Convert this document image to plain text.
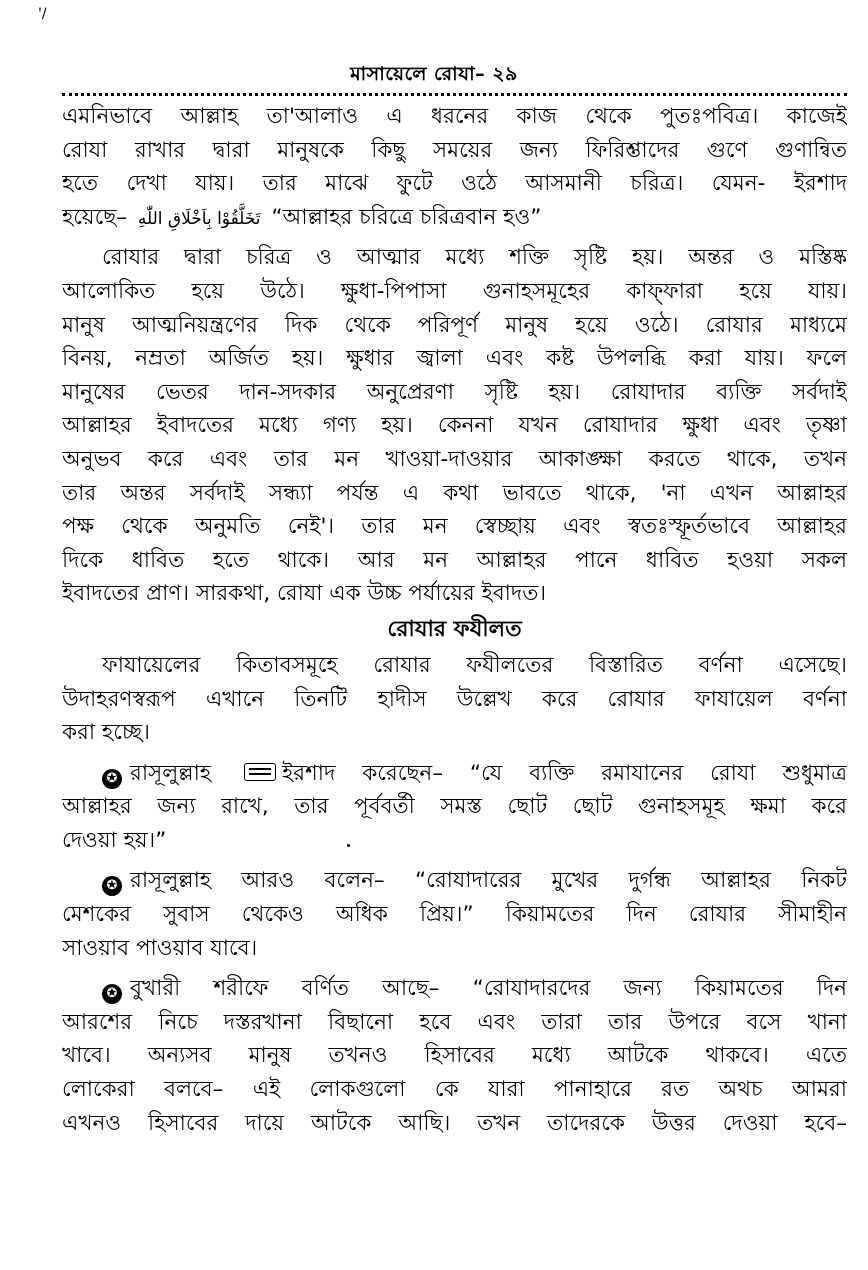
'/
মাসায়েলে রোযা– ২৯
এমনিভাবে আল্লাহ তা'আলাও এ ধরনের কাজ থেকে পুতঃপবিত্র। কাজেই
রোযা রাখার দ্বারা মানুষকে কিছু সময়ের জন্য ফিরিশ্তাদের গুণে গুণান্বিত
হতে দেখা যায়। তার মাঝে ফুটে ওঠে আসমানী চরিত্র। যেমন- ইরশাদ
হয়েছে– تَخَلَّقُوْا بِاَخْلَاقِ اللّٰهِ “আল্লাহর চরিত্রে চরিত্রবান হও”
রোযার দ্বারা চরিত্র ও আত্মার মধ্যে শক্তি সৃষ্টি হয়। অন্তর ও মস্তিষ্ক
আলোকিত হয়ে উঠে। ক্ষুধা-পিপাসা গুনাহসমূহের কাফ্ফারা হয়ে যায়।
মানুষ আত্মনিয়ন্ত্রণের দিক থেকে পরিপূর্ণ মানুষ হয়ে ওঠে। রোযার মাধ্যমে
বিনয়, নম্রতা অর্জিত হয়। ক্ষুধার জ্বালা এবং কষ্ট উপলব্ধি করা যায়। ফলে
মানুষের ভেতর দান-সদকার অনুপ্রেরণা সৃষ্টি হয়। রোযাদার ব্যক্তি সর্বদাই
আল্লাহর ইবাদতের মধ্যে গণ্য হয়। কেননা যখন রোযাদার ক্ষুধা এবং তৃষ্ণা
অনুভব করে এবং তার মন খাওয়া-দাওয়ার আকাঙ্ক্ষা করতে থাকে, তখন
তার অন্তর সর্বদাই সন্ধ্যা পর্যন্ত এ কথা ভাবতে থাকে, 'না এখন আল্লাহর
পক্ষ থেকে অনুমতি নেই'। তার মন স্বেচ্ছায় এবং স্বতঃস্ফূর্তভাবে আল্লাহর
দিকে ধাবিত হতে থাকে। আর মন আল্লাহর পানে ধাবিত হওয়া সকল
ইবাদতের প্রাণ। সারকথা, রোযা এক উচ্চ পর্যায়ের ইবাদত।
রোযার ফযীলত
ফাযায়েলের কিতাবসমূহে রোযার ফযীলতের বিস্তারিত বর্ণনা এসেছে।
উদাহরণস্বরূপ এখানে তিনটি হাদীস উল্লেখ করে রোযার ফাযায়েল বর্ণনা
করা হচ্ছে।
✪ রাসূলুল্লাহ	ইরশাদ করেছেন– “যে ব্যক্তি রমাযানের রোযা শুধুমাত্র
আল্লাহর জন্য রাখে, তার পূর্ববর্তী সমস্ত ছোট ছোট গুনাহসমূহ ক্ষমা করে
দেওয়া হয়।”
✪ রাসূলুল্লাহ আরও বলেন– “রোযাদারের মুখের দুর্গন্ধ আল্লাহর নিকট
মেশকের সুবাস থেকেও অধিক প্রিয়।” কিয়ামতের দিন রোযার সীমাহীন
সাওয়াব পাওয়াব যাবে।
✪ বুখারী শরীফে বর্ণিত আছে– “রোযাদারদের জন্য কিয়ামতের দিন
আরশের নিচে দস্তরখানা বিছানো হবে এবং তারা তার উপরে বসে খানা
খাবে। অন্যসব মানুষ তখনও হিসাবের মধ্যে আটকে থাকবে। এতে
লোকেরা বলবে– এই লোকগুলো কে যারা পানাহারে রত অথচ আমরা
এখনও হিসাবের দায়ে আটকে আছি। তখন তাদেরকে উত্তর দেওয়া হবে–
